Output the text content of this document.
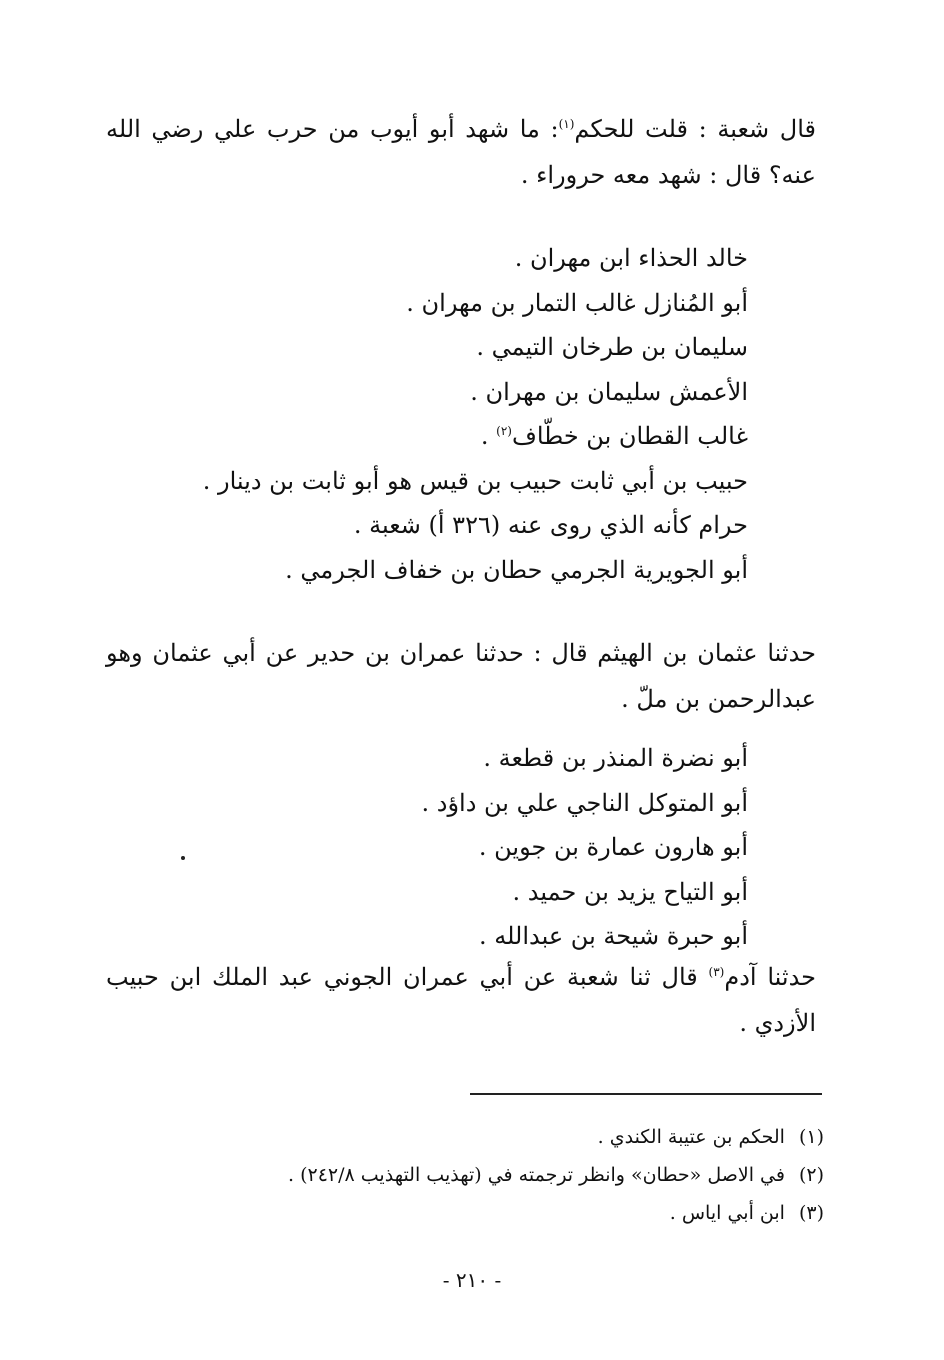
قال شعبة : قلت للحكم$^{(١)}$: ما شهد أبو أيوب من حرب علي رضي الله عنه؟ قال : شهد معه حروراء .
خالد الحذاء ابن مهران .
أبو المُنازل غالب التمار بن مهران .
سليمان بن طرخان التيمي .
الأعمش سليمان بن مهران .
غالب القطان بن خطّاف$^{(٢)}$ .
حبيب بن أبي ثابت حبيب بن قيس هو أبو ثابت بن دينار .
حرام كأنه الذي روى عنه (٣٢٦ أ) شعبة .
أبو الجويرية الجرمي حطان بن خفاف الجرمي .
حدثنا عثمان بن الهيثم قال : حدثنا عمران بن حدير عن أبي عثمان وهو عبدالرحمن بن ملّ .
أبو نضرة المنذر بن قطعة .
أبو المتوكل الناجي علي بن داؤد .
أبو هارون عمارة بن جوين .
أبو التياح يزيد بن حميد .
أبو حبرة شيحة بن عبدالله .
حدثنا آدم$^{(٣)}$ قال ثنا شعبة عن أبي عمران الجوني عبد الملك ابن حبيب الأزدي .
(١)الحكم بن عتيبة الكندي .
(٢)في الاصل «حطان» وانظر ترجمته في (تهذيب التهذيب ٢٤٢/٨) .
(٣)ابن أبي اياس .
- ٢١٠ -
